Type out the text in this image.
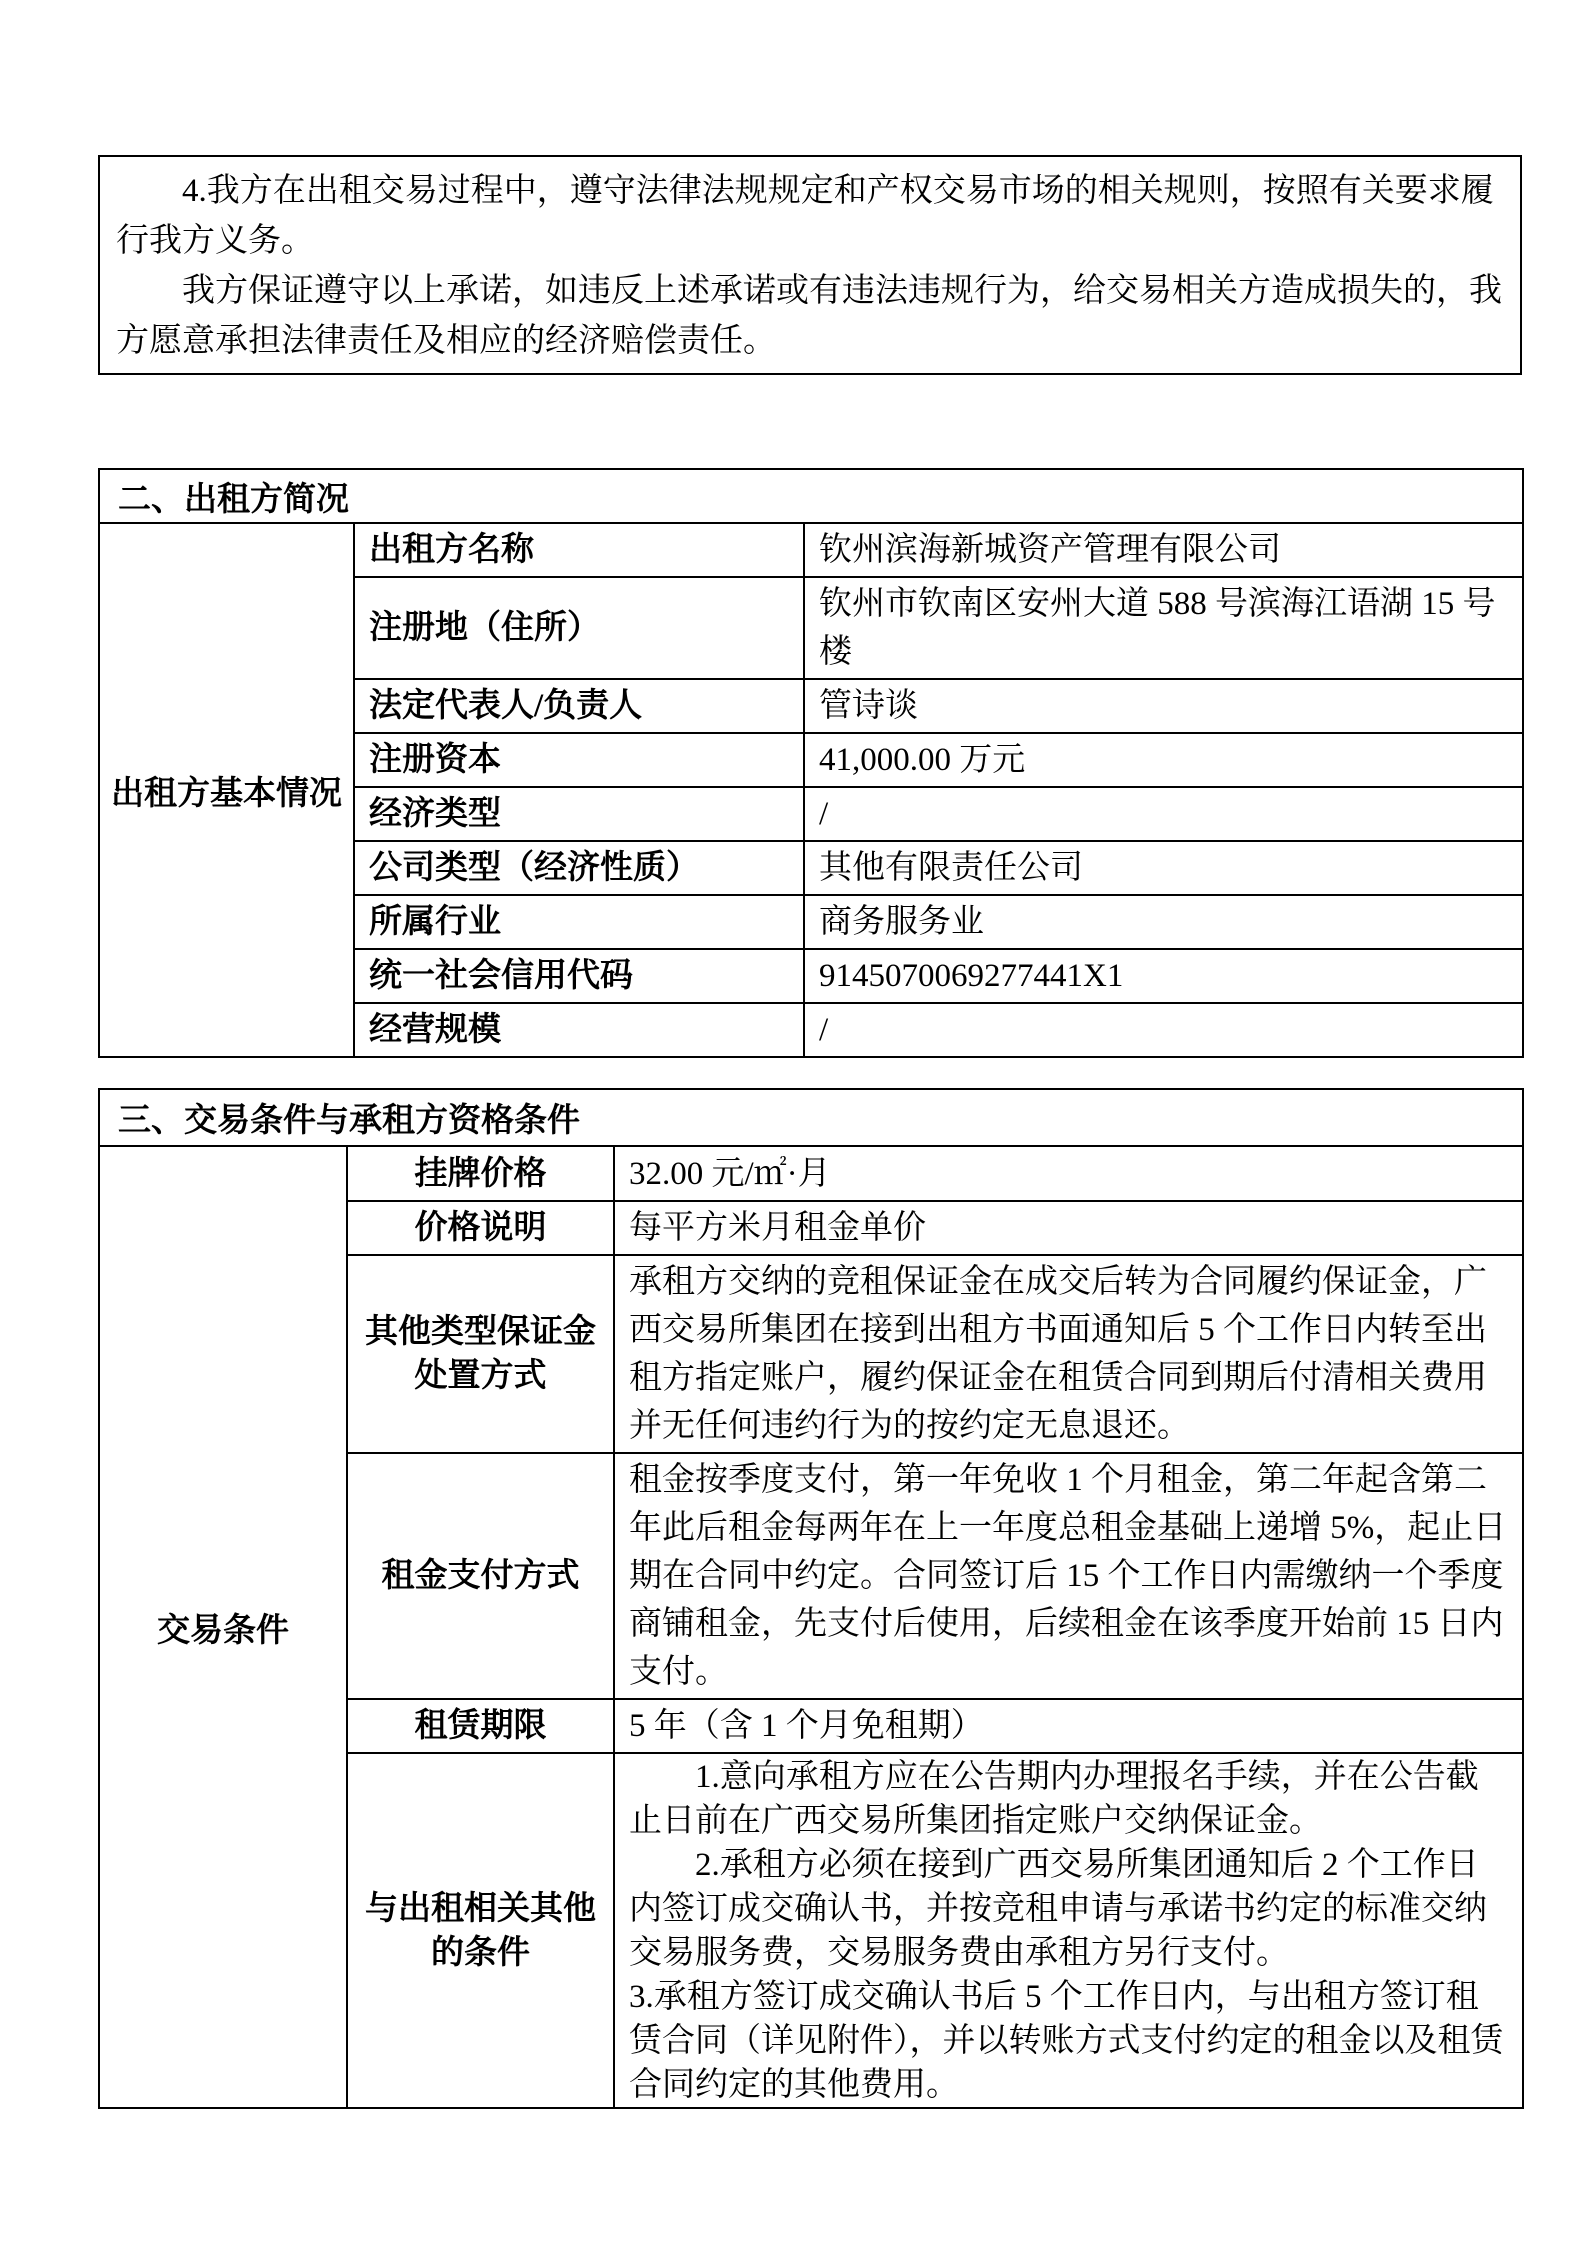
4.我方在出租交易过程中，遵守法律法规规定和产权交易市场的相关规则，按照有关要求履行我方义务。

我方保证遵守以上承诺，如违反上述承诺或有违法违规行为，给交易相关方造成损失的，我方愿意承担法律责任及相应的经济赔偿责任。

二、出租方简况		
出租方基本情况	出租方名称	钦州滨海新城资产管理有限公司
	注册地（住所）	钦州市钦南区安州大道 588 号滨海江语湖 15 号楼
	法定代表人/负责人	管诗谈
	注册资本	41,000.00 万元
	经济类型	/
	公司类型（经济性质）	其他有限责任公司
	所属行业	商务服务业
	统一社会信用代码	9145070069277441X1
	经营规模	/
三、交易条件与承租方资格条件		
交易条件	挂牌价格	32.00 元/㎡·月
	价格说明	每平方米月租金单价
	其他类型保证金处置方式	承租方交纳的竞租保证金在成交后转为合同履约保证金，广西交易所集团在接到出租方书面通知后 5 个工作日内转至出租方指定账户，履约保证金在租赁合同到期后付清相关费用并无任何违约行为的按约定无息退还。
	租金支付方式	租金按季度支付，第一年免收 1 个月租金，第二年起含第二年此后租金每两年在上一年度总租金基础上递增 5%，起止日期在合同中约定。合同签订后 15 个工作日内需缴纳一个季度商铺租金，先支付后使用，后续租金在该季度开始前 15 日内支付。
	租赁期限	5 年（含 1 个月免租期）
	与出租相关其他的条件	1.意向承租方应在公告期内办理报名手续，并在公告截止日前在广西交易所集团指定账户交纳保证金。

2.承租方必须在接到广西交易所集团通知后 2 个工作日内签订成交确认书，并按竞租申请与承诺书约定的标准交纳交易服务费，交易服务费由承租方另行支付。

3.承租方签订成交确认书后 5 个工作日内，与出租方签订租赁合同（详见附件），并以转账方式支付约定的租金以及租赁合同约定的其他费用。
